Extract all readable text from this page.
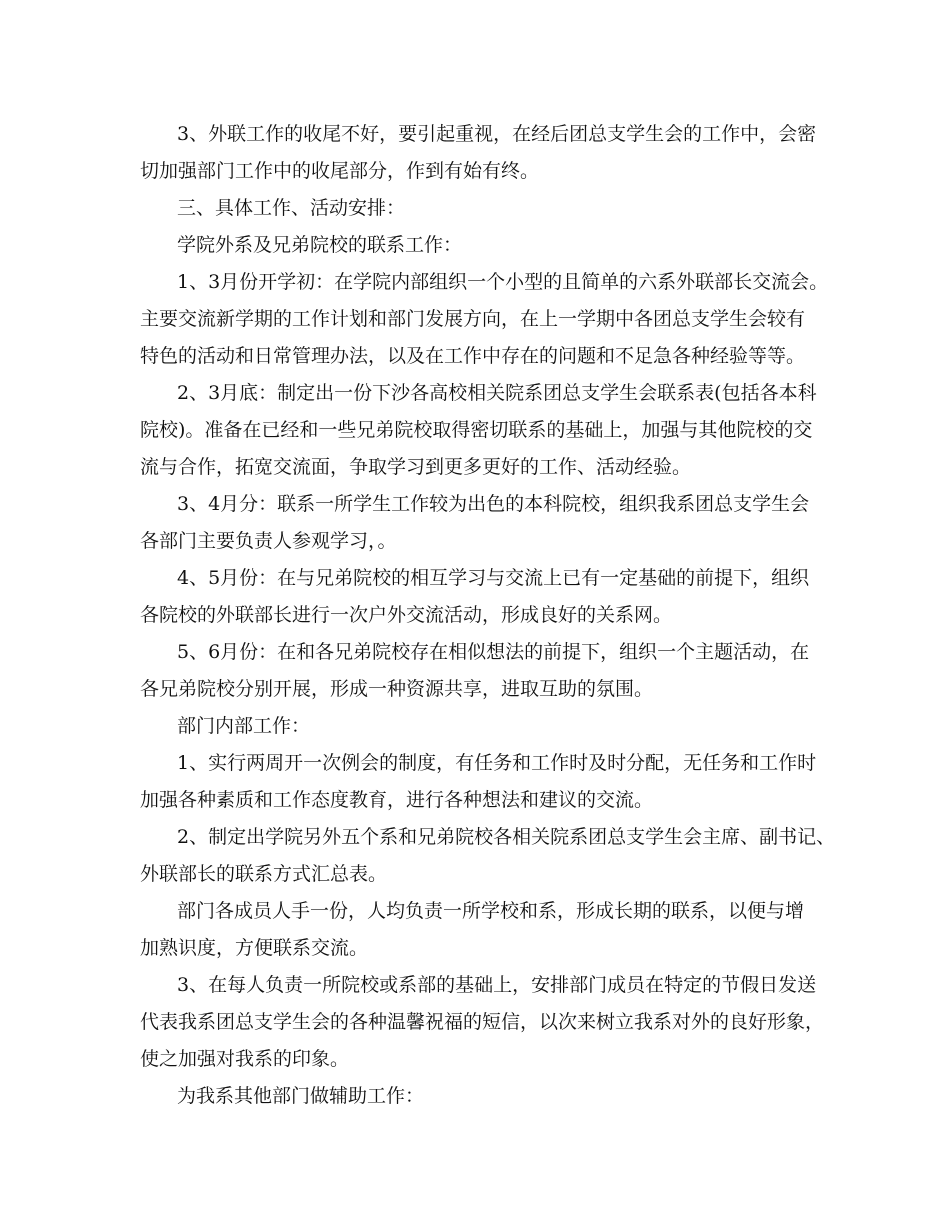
3、外联工作的收尾不好，要引起重视，在经后团总支学生会的工作中，会密
切加强部门工作中的收尾部分，作到有始有终。
三、具体工作、活动安排：
学院外系及兄弟院校的联系工作：
1、3月份开学初：在学院内部组织一个小型的且简单的六系外联部长交流会。
主要交流新学期的工作计划和部门发展方向，在上一学期中各团总支学生会较有
特色的活动和日常管理办法，以及在工作中存在的问题和不足急各种经验等等。
2、3月底：制定出一份下沙各高校相关院系团总支学生会联系表(包括各本科
院校)。准备在已经和一些兄弟院校取得密切联系的基础上，加强与其他院校的交
流与合作，拓宽交流面，争取学习到更多更好的工作、活动经验。
3、4月分：联系一所学生工作较为出色的本科院校，组织我系团总支学生会
各部门主要负责人参观学习，。
4、5月份：在与兄弟院校的相互学习与交流上已有一定基础的前提下，组织
各院校的外联部长进行一次户外交流活动，形成良好的关系网。
5、6月份：在和各兄弟院校存在相似想法的前提下，组织一个主题活动，在
各兄弟院校分别开展，形成一种资源共享，进取互助的氛围。
部门内部工作：
1、实行两周开一次例会的制度，有任务和工作时及时分配，无任务和工作时
加强各种素质和工作态度教育，进行各种想法和建议的交流。
2、制定出学院另外五个系和兄弟院校各相关院系团总支学生会主席、副书记、
外联部长的联系方式汇总表。
部门各成员人手一份，人均负责一所学校和系，形成长期的联系，以便与增
加熟识度，方便联系交流。
3、在每人负责一所院校或系部的基础上，安排部门成员在特定的节假日发送
代表我系团总支学生会的各种温馨祝福的短信，以次来树立我系对外的良好形象，
使之加强对我系的印象。
为我系其他部门做辅助工作：
